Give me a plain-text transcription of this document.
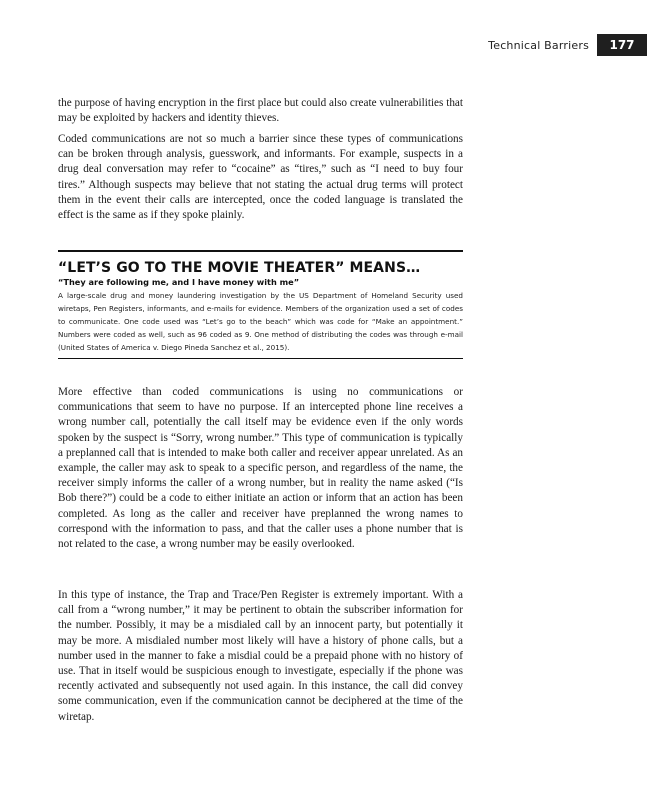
Technical Barriers	177

the purpose of having encryption in the first place but could also create vulnerabilities that may be exploited by hackers and identity thieves.

Coded communications are not so much a barrier since these types of communications can be broken through analysis, guesswork, and informants. For example, suspects in a drug deal conversation may refer to “cocaine” as “tires,” such as “I need to buy four tires.” Although suspects may believe that not stating the actual drug terms will protect them in the event their calls are intercepted, once the coded language is translated the effect is the same as if they spoke plainly.

“LET’S GO TO THE MOVIE THEATER” MEANS…

“They are following me, and I have money with me”

A large-scale drug and money laundering investigation by the US Department of Homeland Security used wiretaps, Pen Registers, informants, and e-mails for evidence. Members of the organization used a set of codes to communicate. One code used was “Let’s go to the beach” which was code for “Make an appointment.” Numbers were coded as well, such as 96 coded as 9. One method of distributing the codes was through e-mail (United States of America v. Diego Pineda Sanchez et al., 2015).

More effective than coded communications is using no communications or communications that seem to have no purpose. If an intercepted phone line receives a wrong number call, potentially the call itself may be evidence even if the only words spoken by the suspect is “Sorry, wrong number.” This type of communication is typically a preplanned call that is intended to make both caller and receiver appear unrelated. As an example, the caller may ask to speak to a specific person, and regardless of the name, the receiver simply informs the caller of a wrong number, but in reality the name asked (“Is Bob there?”) could be a code to either initiate an action or inform that an action has been completed. As long as the caller and receiver have preplanned the wrong names to correspond with the information to pass, and that the caller uses a phone number that is not related to the case, a wrong number may be easily overlooked.

In this type of instance, the Trap and Trace/Pen Register is extremely important. With a call from a “wrong number,” it may be pertinent to obtain the subscriber information for the number. Possibly, it may be a misdialed call by an innocent party, but potentially it may be more. A misdialed number most likely will have a history of phone calls, but a number used in the manner to fake a misdial could be a prepaid phone with no history of use. That in itself would be suspicious enough to investigate, especially if the phone was recently activated and subsequently not used again. In this instance, the call did convey some communication, even if the communication cannot be deciphered at the time of the wiretap.
